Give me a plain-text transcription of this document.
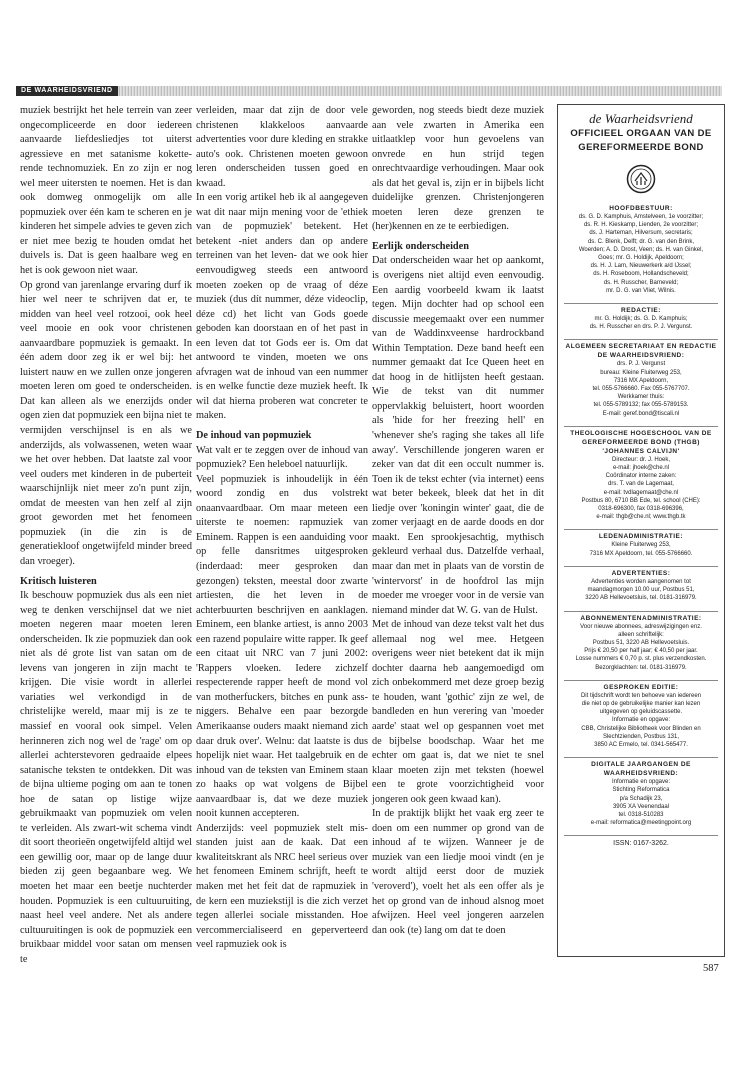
DE WAARHEIDSVRIEND

muziek bestrijkt het hele terrein van zeer ongecompliceerde en door iedereen aanvaarde liefdesliedjes tot uiterst agressieve en met satanisme kokette-rende technomuziek. En zo zijn er nog wel meer uitersten te noemen. Het is dan ook domweg onmogelijk om alle popmuziek over één kam te scheren en je kinderen het simpele advies te geven zich er niet mee bezig te houden omdat het duivels is. Dat is geen haalbare weg en het is ook gewoon niet waar.

Op grond van jarenlange ervaring durf ik hier wel neer te schrijven dat er, te midden van heel veel rotzooi, ook heel veel mooie en ook voor christenen aanvaardbare popmuziek is gemaakt. In één adem door zeg ik er wel bij: het luistert nauw en we zullen onze jongeren moeten leren om goed te onderscheiden. Dat kan alleen als we enerzijds onder ogen zien dat popmuziek een bijna niet te vermijden verschijnsel is en als we anderzijds, als volwassenen, weten waar we het over hebben. Dat laatste zal voor veel ouders met kinderen in de puberteit waarschijnlijk niet meer zo'n punt zijn, omdat de meesten van hen zelf al zijn groot geworden met het fenomeen popmuziek (in die zin is de generatiekloof ongetwijfeld minder breed dan vroeger).

Kritisch luisteren

Ik beschouw popmuziek dus als een niet weg te denken verschijnsel dat we niet moeten negeren maar moeten leren onderscheiden. Ik zie popmuziek dan ook niet als dé grote list van satan om de levens van jongeren in zijn macht te krijgen. Die visie wordt in allerlei variaties wel verkondigd in de christelijke wereld, maar mij is ze te massief en vooral ook simpel. Velen herinneren zich nog wel de 'rage' om op allerlei achterstevoren gedraaide elpees satanische teksten te ontdekken. Dit was de bijna ultieme poging om aan te tonen hoe de satan op listige wijze gebruikmaakt van popmuziek om velen te verleiden. Als zwart-wit schema vindt dit soort theorieën ongetwijfeld altijd wel een gewillig oor, maar op de lange duur bieden zij geen begaanbare weg. We moeten het maar een beetje nuchterder houden. Popmuziek is een cultuuruiting, naast heel veel andere. Net als andere cultuuruitingen is ook de popmuziek een bruikbaar middel voor satan om mensen te

verleiden, maar dat zijn de door vele christenen klakkeloos aanvaarde advertenties voor dure kleding en strakke auto's ook. Christenen moeten gewoon leren onderscheiden tussen goed en kwaad.

In een vorig artikel heb ik al aangegeven wat dit naar mijn mening voor de 'ethiek van de popmuziek' betekent. Het betekent -niet anders dan op andere terreinen van het leven- dat we ook hier eenvoudigweg steeds een antwoord moeten zoeken op de vraag of déze muziek (dus dít nummer, déze videoclip, déze cd) het licht van Gods goede geboden kan doorstaan en of het past in een leven dat tot Gods eer is. Om dat antwoord te vinden, moeten we ons afvragen wat de inhoud van een nummer is en welke functie deze muziek heeft. Ik wil dat hierna proberen wat concreter te maken.

De inhoud van popmuziek

Wat valt er te zeggen over de inhoud van popmuziek? Een heleboel natuurlijk.

Veel popmuziek is inhoudelijk in één woord zondig en dus volstrekt onaanvaardbaar. Om maar meteen een uiterste te noemen: rapmuziek van Eminem. Rappen is een aanduiding voor op felle dansritmes uitgesproken (inderdaad: meer gesproken dan gezongen) teksten, meestal door zwarte artiesten, die het leven in de achterbuurten beschrijven en aanklagen. Eminem, een blanke artiest, is anno 2003 een razend populaire witte rapper. Ik geef een citaat uit NRC van 7 juni 2002: 'Rappers vloeken. Iedere zichzelf respecterende rapper heeft de mond vol van motherfuckers, bitches en punk ass-niggers. Behalve een paar bezorgde Amerikaanse ouders maakt niemand zich daar druk over'. Welnu: dat laatste is dus hopelijk niet waar. Het taalgebruik en de inhoud van de teksten van Eminem staan zo haaks op wat volgens de Bijbel aanvaardbaar is, dat we deze muziek nooit kunnen accepteren.

Anderzijds: veel popmuziek stelt mis-standen juist aan de kaak. Dat een kwaliteitskrant als NRC heel serieus over het fenomeen Eminem schrijft, heeft te maken met het feit dat de rapmuziek in de kern een muziekstijl is die zich verzet tegen allerlei sociale misstanden. Hoe vercommercialiseerd en geperverteerd veel rapmuziek ook is

geworden, nog steeds biedt deze muziek aan vele zwarten in Amerika een uitlaatklep voor hun gevoelens van onvrede en hun strijd tegen onrechtvaardige verhoudingen. Maar ook als dat het geval is, zijn er in bijbels licht duidelijke grenzen. Christenjongeren moeten leren deze grenzen te (her)kennen en ze te eerbiedigen.

Eerlijk onderscheiden

Dat onderscheiden waar het op aankomt, is overigens niet altijd even eenvoudig. Een aardig voorbeeld kwam ik laatst tegen. Mijn dochter had op school een discussie meegemaakt over een nummer van de Waddinxveense hardrockband Within Temptation. Deze band heeft een nummer gemaakt dat Ice Queen heet en dat hoog in de hitlijsten heeft gestaan. Wie de tekst van dit nummer oppervlakkig beluistert, hoort woorden als 'hide for her freezing hell' en 'whenever she's raging she takes all life away'. Verschillende jongeren waren er zeker van dat dit een occult nummer is. Toen ik de tekst echter (via internet) eens wat beter bekeek, bleek dat het in dit liedje over 'koningin winter' gaat, die de zomer verjaagt en de aarde doods en dor maakt. Een sprookjesachtig, mythisch gekleurd verhaal dus. Datzelfde verhaal, maar dan met in plaats van de vorstin de 'wintervorst' in de hoofdrol las mijn moeder me vroeger voor in de versie van niemand minder dat W. G. van de Hulst.

Met de inhoud van deze tekst valt het dus allemaal nog wel mee. Hetgeen overigens weer niet betekent dat ik mijn dochter daarna heb aangemoedigd om zich onbekommerd met deze groep bezig te houden, want 'gothic' zijn ze wel, de bandleden en hun verering van 'moeder aarde' staat wel op gespannen voet met de bijbelse boodschap. Waar het me echter om gaat is, dat we niet te snel klaar moeten zijn met teksten (hoewel een te grote voorzichtigheid voor jongeren ook geen kwaad kan).

In de praktijk blijkt het vaak erg zeer te doen om een nummer op grond van de inhoud af te wijzen. Wanneer je de muziek van een liedje mooi vindt (en je wordt altijd eerst door de muziek 'veroverd'), voelt het als een offer als je het op grond van de inhoud alsnog moet afwijzen. Heel veel jongeren aarzelen dan ook (te) lang om dat te doen

de Waarheidsvriend
OFFICIEEL ORGAAN VAN DE
GEREFORMEERDE BOND
HOOFDBESTUUR:
ds. G. D. Kamphuis, Amstelveen, 1e voorzitter;
ds. R. H. Kieskamp, Lienden, 2e voorzitter;
ds. J. Harteman, Hilversum, secretaris;
ds. C. Blenk, Delft; dr. G. van den Brink,
Woerden; A. D. Drost, Veen; ds. H. van Ginkel,
Goes; mr. G. Holdijk, Apeldoorn;
ds. H. J. Lam, Nieuwerkerk a/d IJssel;
ds. H. Roseboom, Hollandscheveld;
ds. H. Russcher, Barneveld;
mr. D. G. van Vliet, Wilnis.
REDACTIE:
mr. G. Holdijk; ds. G. D. Kamphuis;
ds. H. Russcher en drs. P. J. Vergunst.
ALGEMEEN SECRETARIAAT EN REDACTIE DE WAARHEIDSVRIEND:
drs. P. J. Vergunst
bureau: Kleine Fluiterweg 253,
7316 MX Apeldoorn,
tel. 055-5766660. Fax 055-5767707.
Werkkamer thuis:
tel. 055-5789132; fax 055-5789153.
E-mail: geref.bond@tiscali.nl
THEOLOGISCHE HOGESCHOOL VAN DE GEREFORMEERDE BOND (THGB) 'JOHANNES CALVIJN'
Directeur: dr. J. Hoek,
e-mail: jhoek@che.nl
Coördinator interne zaken:
drs. T. van de Lagemaat,
e-mail: tvdlagemaat@che.nl
Postbus 80, 6710 BB Ede, tel. school (CHE):
0318-696300, fax 0318-696396,
e-mail: thgb@che.nl; www.thgb.tk
LEDENADMINISTRATIE:
Kleine Fluiterweg 253,
7316 MX Apeldoorn, tel. 055-5766660.
ADVERTENTIES:
Advertenties worden aangenomen tot
maandagmorgen 10.00 uur, Postbus 51,
3220 AB Hellevoetsluis, tel. 0181-316979.
ABONNEMENTENADMINISTRATIE:
Voor nieuwe abonnees, adreswijzigingen enz.
alleen schriftelijk:
Postbus 51, 3220 AB Hellevoetsluis.
Prijs € 20,50 per half jaar; € 40,50 per jaar.
Losse nummers € 0,70 p. st. plus verzendkosten. Bezorgklachten: tel. 0181-316979.
GESPROKEN EDITIE:
Dit tijdschrift wordt ten behoeve van iedereen
die niet op de gebruikelijke manier kan lezen
uitgegeven op geluidscassette.
Informatie en opgave:
CBB, Christelijke Bibliotheek voor Blinden en
Slechtzienden, Postbus 131,
3850 AC Ermelo, tel. 0341-565477.
DIGITALE JAARGANGEN DE WAARHEIDSVRIEND:
Informatie en opgave:
Stichting Reformatica
p/a Schadijk 23,
3905 XA Veenendaal
tel. 0318-510283
e-mail: reformatica@meetingpoint.org
ISSN: 0167-3262.
587
